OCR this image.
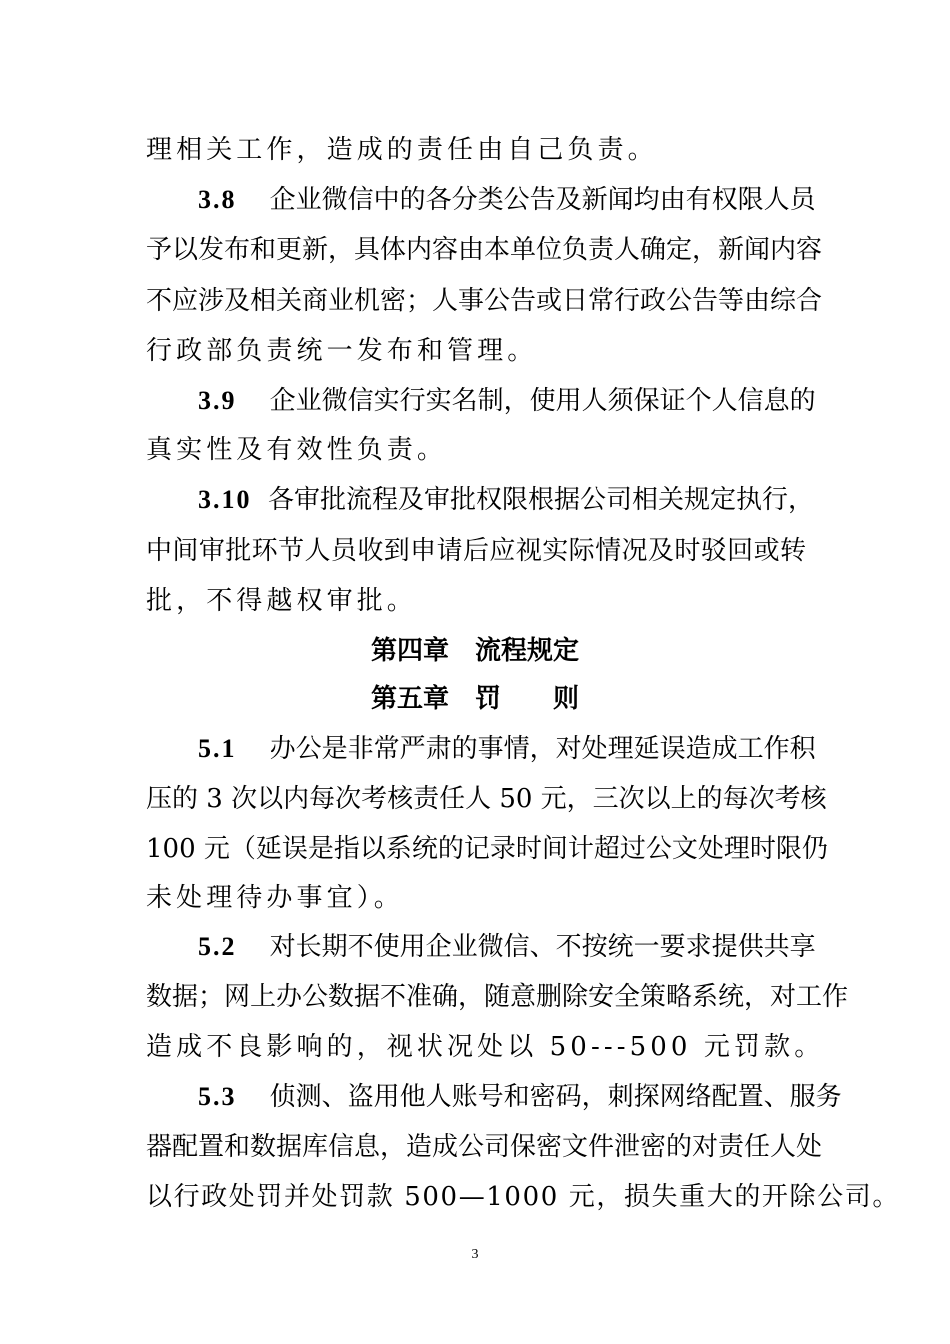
理相关工作，造成的责任由自己负责。
3.8 企业微信中的各分类公告及新闻均由有权限人员
予以发布和更新，具体内容由本单位负责人确定，新闻内容
不应涉及相关商业机密；人事公告或日常行政公告等由综合
行政部负责统一发布和管理。
3.9 企业微信实行实名制，使用人须保证个人信息的
真实性及有效性负责。
3.10 各审批流程及审批权限根据公司相关规定执行，
中间审批环节人员收到申请后应视实际情况及时驳回或转
批，不得越权审批。
第四章　流程规定
第五章　罚　　则
5.1 办公是非常严肃的事情，对处理延误造成工作积
压的 3 次以内每次考核责任人 50 元，三次以上的每次考核
100 元（延误是指以系统的记录时间计超过公文处理时限仍
未处理待办事宜）。
5.2 对长期不使用企业微信、不按统一要求提供共享
数据；网上办公数据不准确，随意删除安全策略系统，对工作
造成不良影响的，视状况处以 50---500 元罚款。
5.3 侦测、盗用他人账号和密码，刺探网络配置、服务
器配置和数据库信息，造成公司保密文件泄密的对责任人处
以行政处罚并处罚款 500—1000 元，损失重大的开除公司。
3
